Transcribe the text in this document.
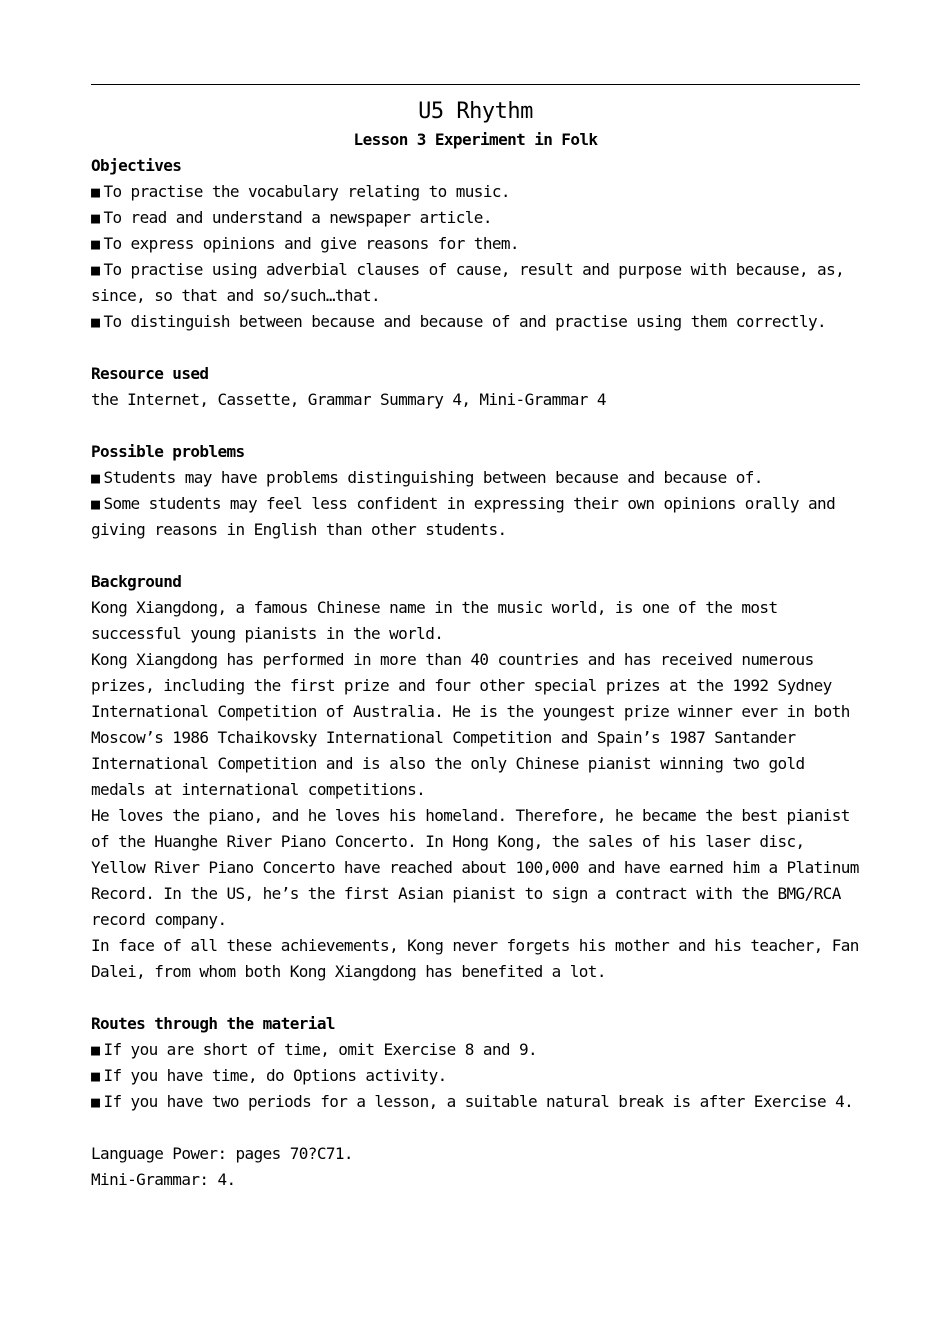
U5 Rhythm
Lesson 3 Experiment in Folk
Objectives
■ To practise the vocabulary relating to music.
■ To read and understand a newspaper article.
■ To express opinions and give reasons for them.
■ To practise using adverbial clauses of cause, result and purpose with because, as, since, so that and so/such…that.
■ To distinguish between because and because of and practise using them correctly.
Resource used
the Internet, Cassette, Grammar Summary 4, Mini-Grammar 4
Possible problems
■ Students may have problems distinguishing between because and because of.
■ Some students may feel less confident in expressing their own opinions orally and giving reasons in English than other students.
Background
Kong Xiangdong, a famous Chinese name in the music world, is one of the most successful young pianists in the world.
Kong Xiangdong has performed in more than 40 countries and has received numerous prizes, including the first prize and four other special prizes at the 1992 Sydney International Competition of Australia. He is the youngest prize winner ever in both Moscow’s 1986 Tchaikovsky International Competition and Spain’s 1987 Santander International Competition and is also the only Chinese pianist winning two gold medals at international competitions.
He loves the piano, and he loves his homeland. Therefore, he became the best pianist of the Huanghe River Piano Concerto. In Hong Kong, the sales of his laser disc, Yellow River Piano Concerto have reached about 100,000 and have earned him a Platinum Record. In the US, he’s the first Asian pianist to sign a contract with the BMG/RCA record company.
In face of all these achievements, Kong never forgets his mother and his teacher, Fan Dalei, from whom both Kong Xiangdong has benefited a lot.
Routes through the material
■ If you are short of time, omit Exercise 8 and 9.
■ If you have time, do Options activity.
■ If you have two periods for a lesson, a suitable natural break is after Exercise 4.
Language Power: pages 70?C71.
Mini-Grammar: 4.
